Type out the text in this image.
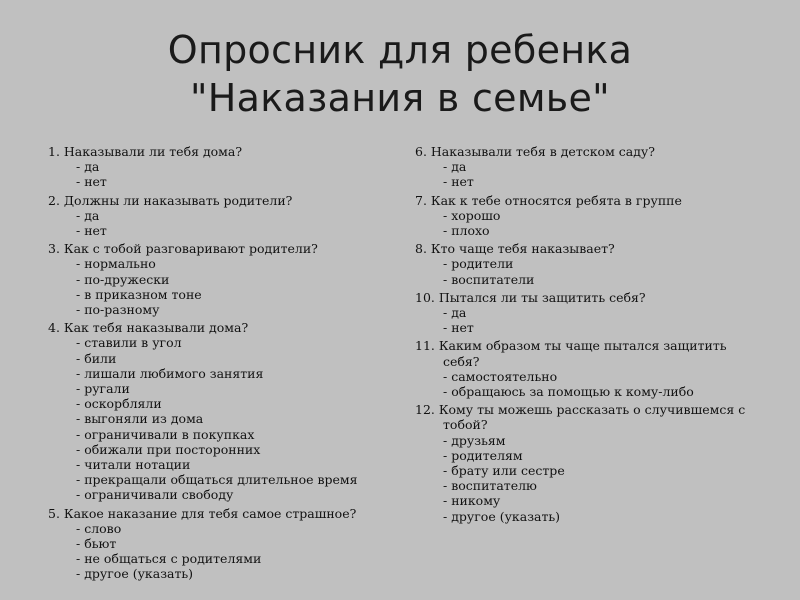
Опросник для ребенка
"Наказания в семье"
1. Наказывали ли тебя дома?
- да
- нет
2. Должны ли наказывать родители?
- да
- нет
3. Как с тобой разговаривают родители?
- нормально
- по-дружески
- в приказном тоне
- по-разному
4. Как тебя наказывали дома?
- ставили в угол
- били
- лишали любимого занятия
- ругали
- оскорбляли
- выгоняли из дома
- ограничивали в покупках
- обижали при посторонних
- читали нотации
- прекращали общаться длительное время
- ограничивали свободу
5. Какое наказание для тебя самое страшное?
- слово
- бьют
- не общаться с родителями
- другое (указать)
6. Наказывали тебя в детском саду?
- да
- нет
7. Как к тебе относятся ребята в группе
- хорошо
- плохо
8. Кто чаще тебя наказывает?
- родители
- воспитатели
10. Пытался ли ты защитить себя?
- да
- нет
11. Каким образом ты чаще пытался защитить
себя?
- самостоятельно
- обращаюсь за помощью к кому-либо
12. Кому ты можешь рассказать о случившемся с
тобой?
- друзьям
- родителям
- брату или сестре
- воспитателю
- никому
- другое (указать)
